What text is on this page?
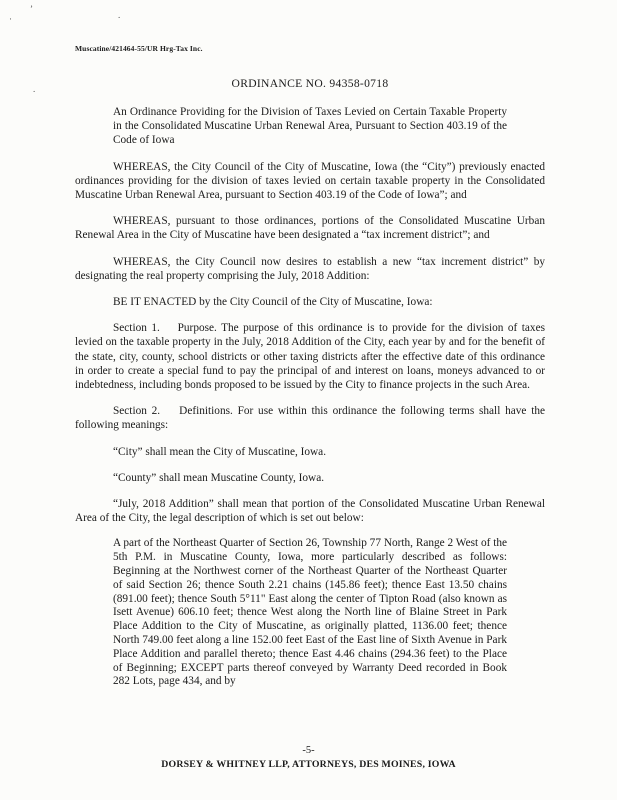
’
·	.
.
Muscatine/421464-55/UR Hrg-Tax Inc.
ORDINANCE NO. 94358-0718

An Ordinance Providing for the Division of Taxes Levied on Certain Taxable Property in the Consolidated Muscatine Urban Renewal Area, Pursuant to Section 403.19 of the Code of Iowa

WHEREAS, the City Council of the City of Muscatine, Iowa (the “City”) previously enacted ordinances providing for the division of taxes levied on certain taxable property in the Consolidated Muscatine Urban Renewal Area, pursuant to Section 403.19 of the Code of Iowa”; and

WHEREAS, pursuant to those ordinances, portions of the Consolidated Muscatine Urban Renewal Area in the City of Muscatine have been designated a “tax increment district”; and

WHEREAS, the City Council now desires to establish a new “tax increment district” by designating the real property comprising the July, 2018 Addition:

BE IT ENACTED by the City Council of the City of Muscatine, Iowa:

Section 1.    Purpose. The purpose of this ordinance is to provide for the division of taxes levied on the taxable property in the July, 2018 Addition of the City, each year by and for the benefit of the state, city, county, school districts or other taxing districts after the effective date of this ordinance in order to create a special fund to pay the principal of and interest on loans, moneys advanced to or indebtedness, including bonds proposed to be issued by the City to finance projects in the such Area.

Section 2.    Definitions. For use within this ordinance the following terms shall have the following meanings:

“City” shall mean the City of Muscatine, Iowa.

“County” shall mean Muscatine County, Iowa.

“July, 2018 Addition” shall mean that portion of the Consolidated Muscatine Urban Renewal Area of the City, the legal description of which is set out below:

A part of the Northeast Quarter of Section 26, Township 77 North, Range 2 West of the 5th P.M. in Muscatine County, Iowa, more particularly described as follows: Beginning at the Northwest corner of the Northeast Quarter of the Northeast Quarter of said Section 26; thence South 2.21 chains (145.86 feet); thence East 13.50 chains (891.00 feet); thence South 5°11" East along the center of Tipton Road (also known as Isett Avenue) 606.10 feet; thence West along the North line of Blaine Street in Park Place Addition to the City of Muscatine, as originally platted, 1136.00 feet; thence North 749.00 feet along a line 152.00 feet East of the East line of Sixth Avenue in Park Place Addition and parallel thereto; thence East 4.46 chains (294.36 feet) to the Place of Beginning; EXCEPT parts thereof conveyed by Warranty Deed recorded in Book 282 Lots, page 434, and by

-5-
DORSEY & WHITNEY LLP, ATTORNEYS, DES MOINES, IOWA
